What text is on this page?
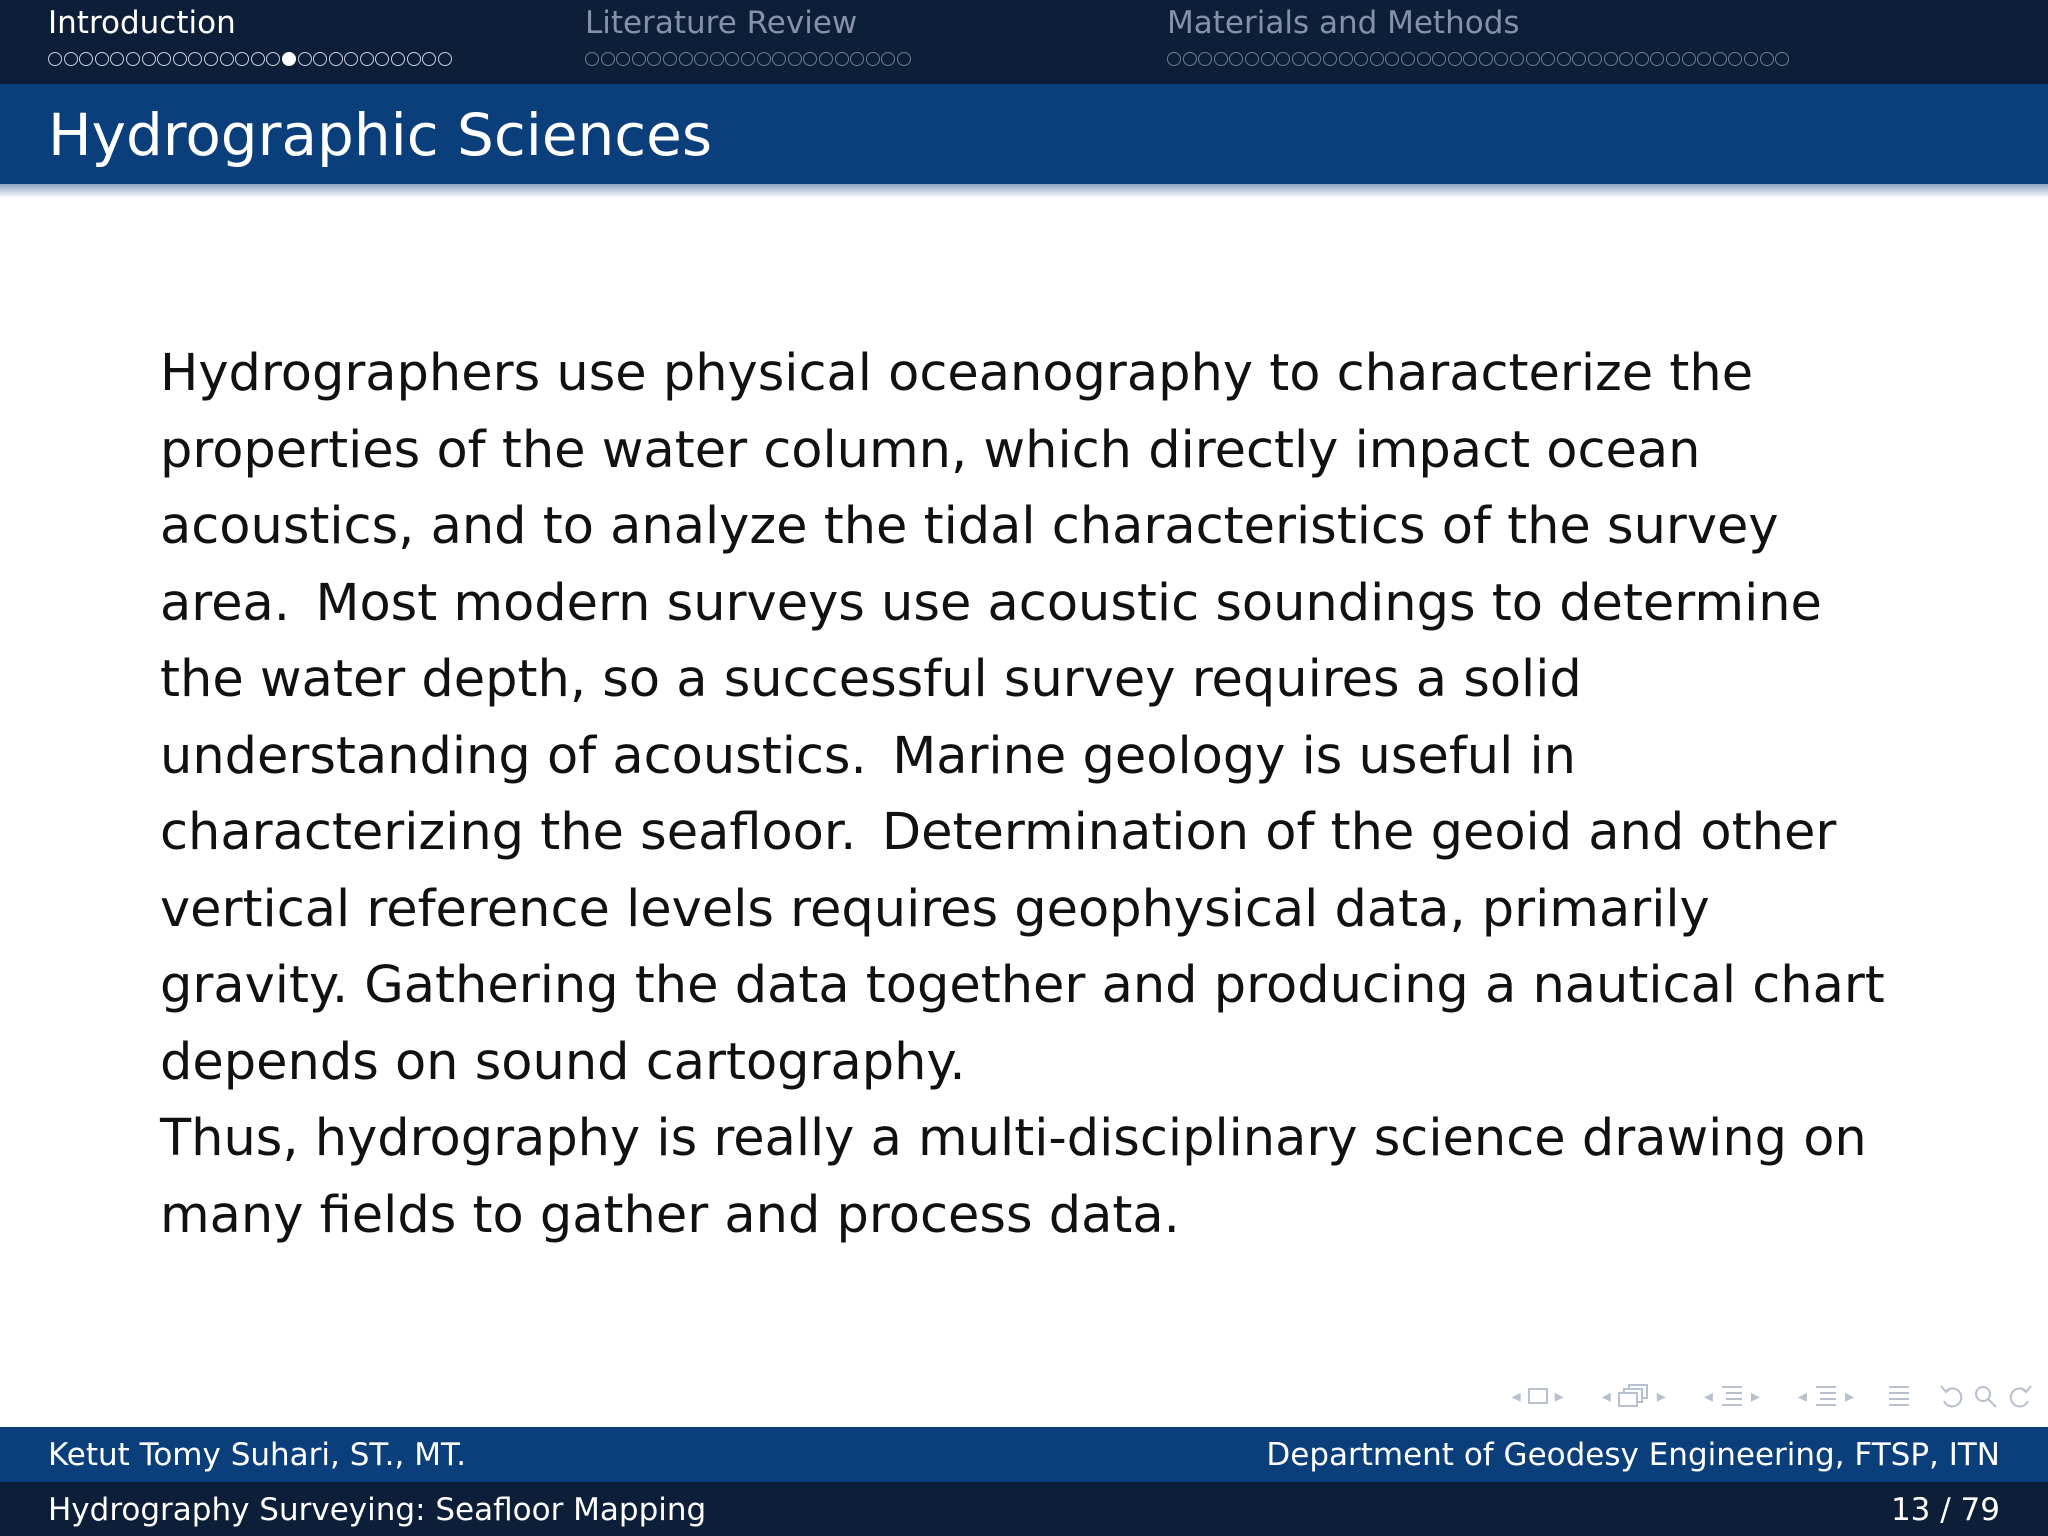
Introduction	Literature Review	Materials and Methods
Hydrographic Sciences

Hydrographers use physical oceanography to characterize the properties of the water column, which directly impact ocean acoustics, and to analyze the tidal characteristics of the survey area. Most modern surveys use acoustic soundings to determine the water depth, so a successful survey requires a solid understanding of acoustics. Marine geology is useful in characterizing the seafloor. Determination of the geoid and other vertical reference levels requires geophysical data, primarily gravity. Gathering the data together and producing a nautical chart depends on sound cartography.

Thus, hydrography is really a multi-disciplinary science drawing on many fields to gather and process data.

◂ ▸ ◂	▸ ◂ ▸ ◂ ▸
Ketut Tomy Suhari, ST., MT.	Department of Geodesy Engineering, FTSP, ITN
Hydrography Surveying: Seafloor Mapping	13 / 79
